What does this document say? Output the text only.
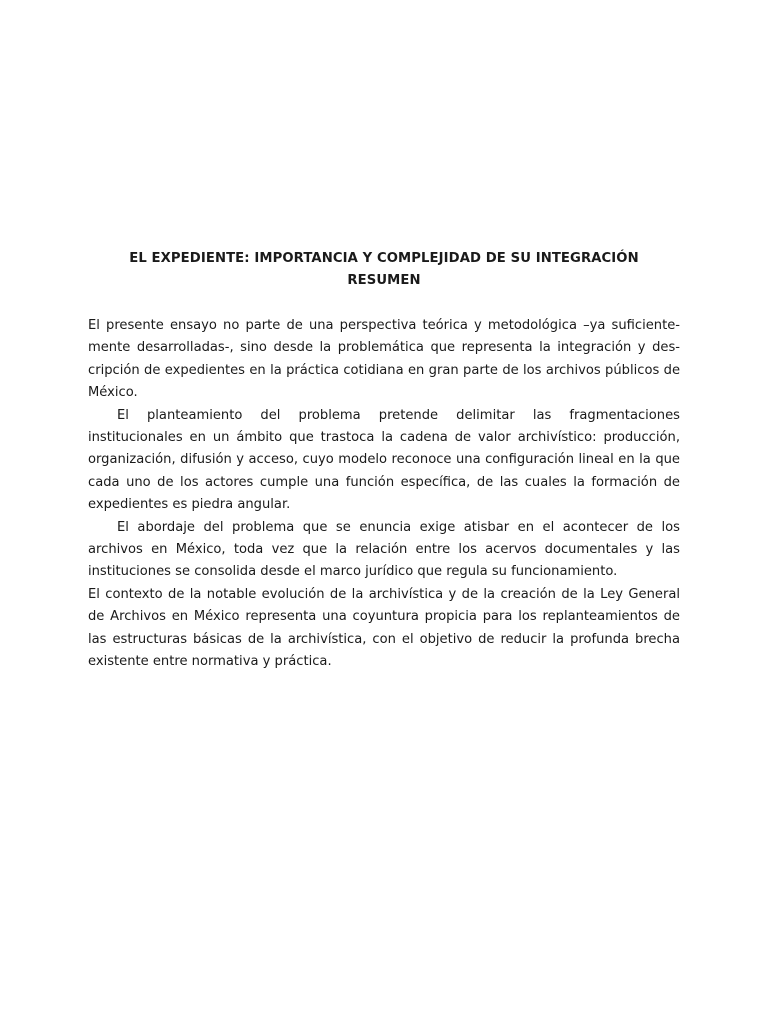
EL EXPEDIENTE: IMPORTANCIA Y COMPLEJIDAD DE SU INTEGRACIÓN
RESUMEN

El presente ensayo no parte de una perspectiva teórica y metodológica –ya suficiente-mente desarrolladas-, sino desde la problemática que representa la integración y des-cripción de expedientes en la práctica cotidiana en gran parte de los archivos públicos de México.

El planteamiento del problema pretende delimitar las fragmentaciones institucionales en un ámbito que trastoca la cadena de valor archivístico: producción, organización, difusión y acceso, cuyo modelo reconoce una configuración lineal en la que cada uno de los actores cumple una función específica, de las cuales la formación de expedientes es piedra angular.

El abordaje del problema que se enuncia exige atisbar en el acontecer de los archivos en México, toda vez que la relación entre los acervos documentales y las instituciones se consolida desde el marco jurídico que regula su funcionamiento.

El contexto de la notable evolución de la archivística y de la creación de la Ley General de Archivos en México representa una coyuntura propicia para los replanteamientos de las estructuras básicas de la archivística, con el objetivo de reducir la profunda brecha existente entre normativa y práctica.
